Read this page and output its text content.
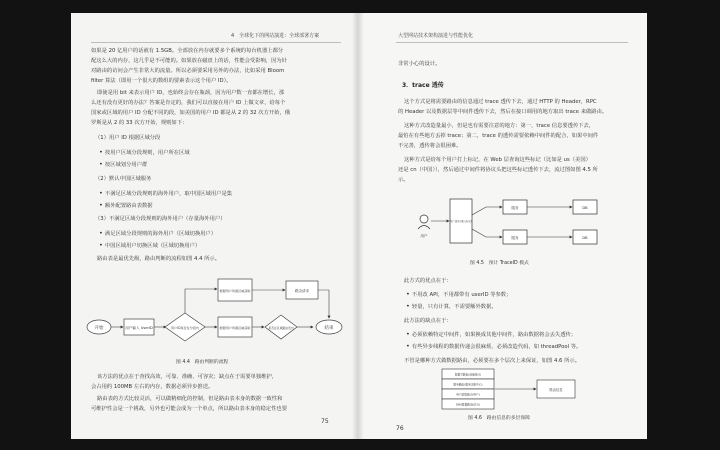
4　全球化下的网站演进：全球部署方案
如果是 20 亿用户的话就有 1.5GB。全部放在内存就要多个系统的每台机器上都分
配这么大的内存，这几乎是不可能的。如果放在磁盘上的话，性能会受影响，因为针
对路由的访问会产生非常大的流量。所以必须要采用另外的办法，比如采用 Bloom
filter 算法（即用一个很大的数组的要素表示这个用户 ID）。
即使是用 bit 来表示用户 ID，也始终会存在瓶颈，因为用户数一直都在增长，那
么还有没有更好的办法？答案是肯定的，我们可以直接在用户 ID 上做文章，给每个
国家或区域的用户 ID 分配不同的段，如美国的用户 ID 都是从 2 的 32 次方开始，俄
罗斯是从 2 的 33 次方开始，规则如下：
（1）用户 ID 根据区域分段
• 按用户区域分段规则，用户所在区域
• 按区域划分用户群
（2）默认中国区域服务
• 不满足区域分段规则的海外用户，取中国区域用户是集
• 额外配置路由表数据
（3）不满足区域分段规则的海外用户（存量海外用户）
• 满足区域分段规则的海外用户（区域切换用户）
• 中国区域用户切换区域（区域切换用户）
路由表是最优先级，路由判断的流程如图 4.4 所示。
开始	用户输入 UserID	用户ID是否在分段内
根据用户所属区域获取
根据用户所属区域获取	是否在区域路由表内
路由请求
结束
图 4.4　路由判断的流程
该方法的优点在于查找高效，可靠、准确、可容灾；缺点在于需要单独维护，
会占用约 100MB 左右的内存，数据必须异步推送。
路由表的方式比较灵活，可以做精细化的控制，但是路由表本身的数据一致性和
可维护性会是一个挑战，另外也可能会成为一个单点，所以路由表本身的稳定性也要
75
大型网站技术架构演进与性能优化
非常小心的设计。
3．trace 透传
这个方式是将需要路由的信息通过 trace 透传下去，通过 HTTP 的 Header，RPC
的 Header 以及数据层等中间件透传下去，然后在接口调用的地方取出 trace 来做路由。
这种方式改造量最小，但是也有需要注意的地方：第一，trace 信息要透传下去，
最怕在有些地方丢掉 trace；第二，trace 的透传需要依赖中间件的配合，如果中间件
不完善，透传将会很困难。
这种方式是给每个用户打上标记，在 Web 层查询这些标记（比如是 us（美国）
还是 cn（中国）），然后通过中间件将协议头把这些标记透传下去，流过图如图 4.5 所
示。
用户
用户查询 (插入标记)
服务
服务
DB
DB
图 4.5　预计 TraceID 模式
此方式的优点在于：
• 不用改 API，不用都带有 userID 等参数；
• 轻量，只有计算，不需要额外数据。
此方法的缺点在于：
• 必须依赖特定中间件，如果换成其他中间件，路由数据将会丢失透传；
• 有些异步线程的数据传递会很麻烦，必须改造代码，如 threadPool 等。
不管是哪种方式做数据路由，必须要在多个层次上来保证，如图 4.6 所示。
数据写路由(前端统计)
服务路由(服务注册中心)
用户层数据(分用户)
DNS数据路由(区分)
路由信息
图 4.6　路由信息的多层保障
76
